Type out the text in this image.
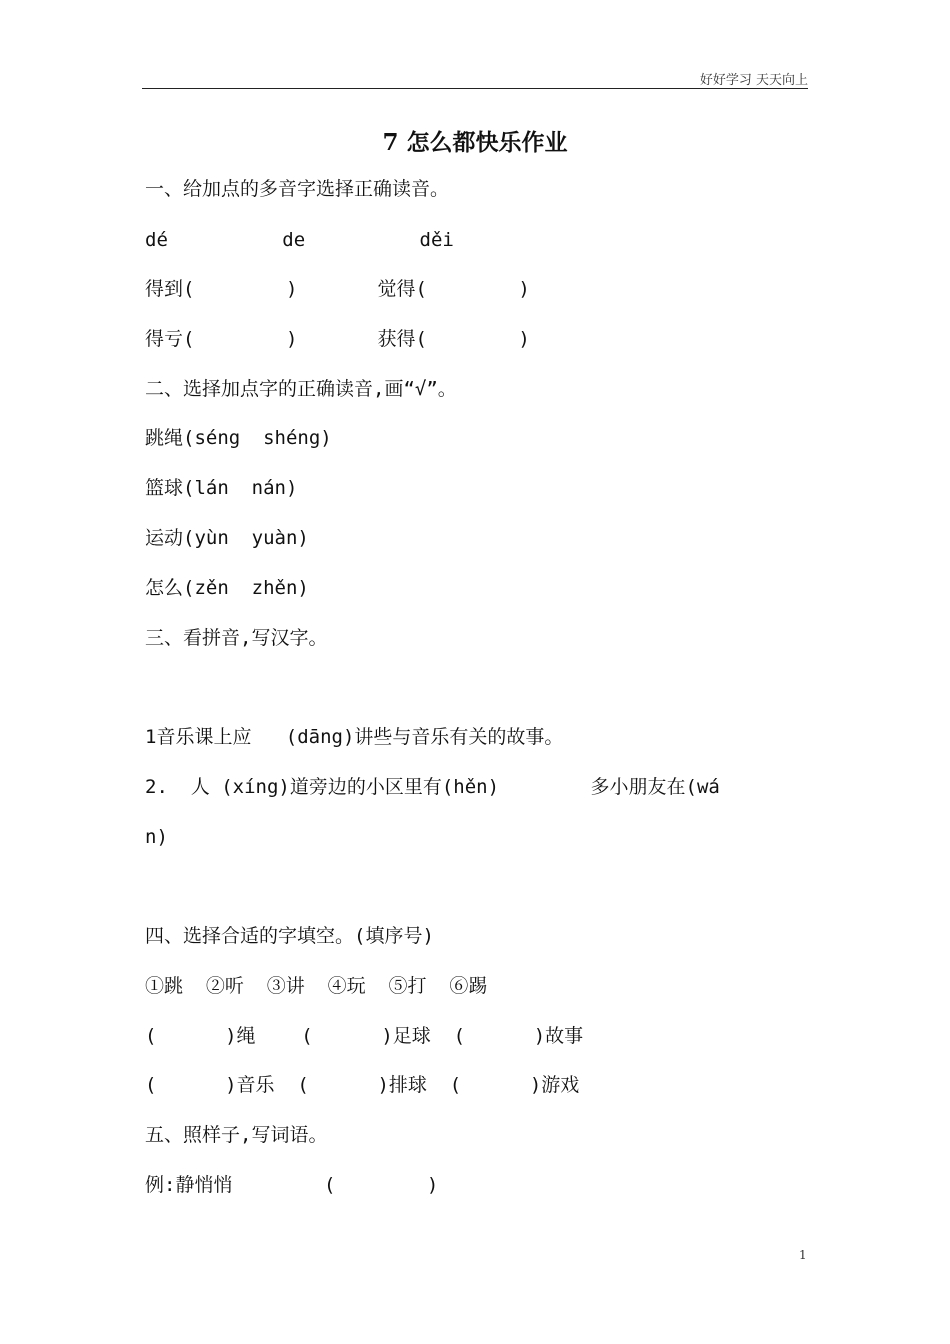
好好学习 天天向上
7 怎么都快乐作业
一、给加点的多音字选择正确读音。
dé          de          děi
得到(        )       觉得(        )
得亏(        )       获得(        )
二、选择加点字的正确读音,画“√”。
跳绳(séng  shéng)
篮球(lán  nán)
运动(yùn  yuàn)
怎么(zěn  zhěn)
三、看拼音,写汉字。
1音乐课上应   (dāng)讲些与音乐有关的故事。
2.  人 (xíng)道旁边的小区里有(hěn)        多小朋友在(wá
n)
四、选择合适的字填空。(填序号)
①跳  ②听  ③讲  ④玩  ⑤打  ⑥踢
(      )绳    (      )足球  (      )故事
(      )音乐  (      )排球  (      )游戏
五、照样子,写词语。
例:静悄悄        (        )
1
